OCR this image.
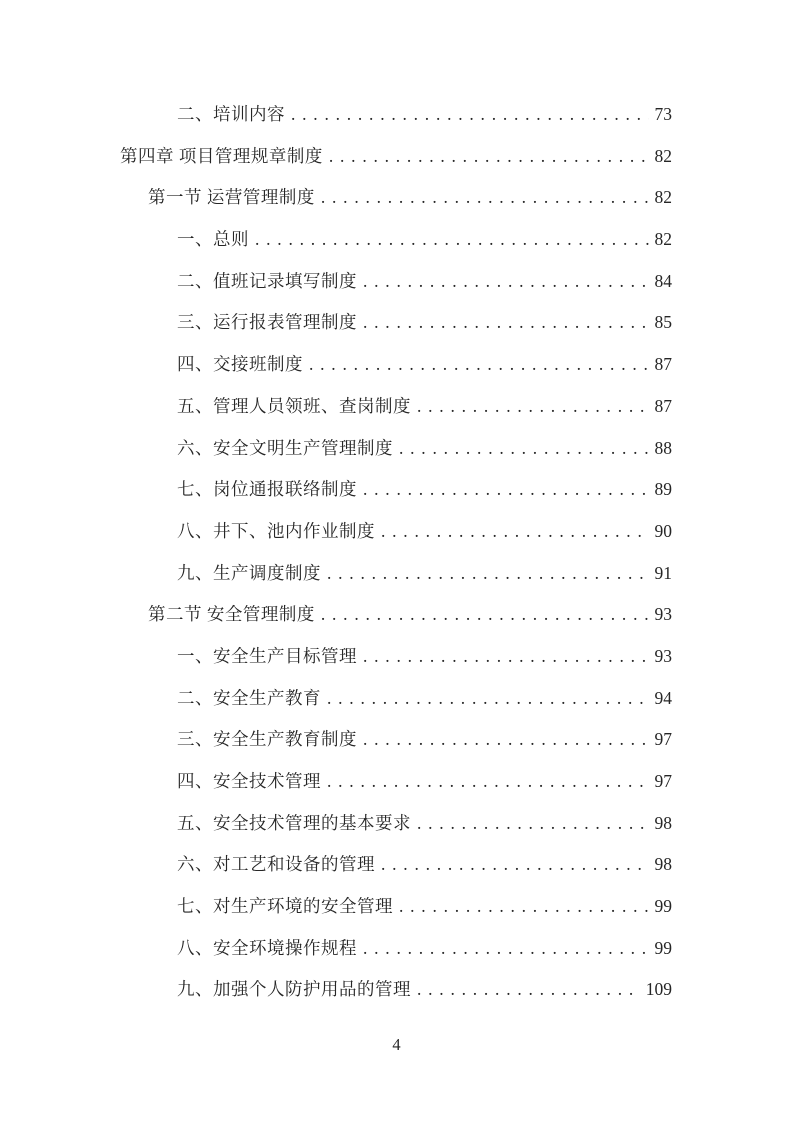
二、培训内容 . . .	73
第四章 项目管理规章制度 . . .	82
第一节 运营管理制度 . . .	82
一、总则 . . .	82
二、值班记录填写制度 . . .	84
三、运行报表管理制度 . . .	85
四、交接班制度 . . .	87
五、管理人员领班、查岗制度 . . .	87
六、安全文明生产管理制度 . . .	88
七、岗位通报联络制度 . . .	89
八、井下、池内作业制度 . . .	90
九、生产调度制度 . . .	91
第二节 安全管理制度 . . .	93
一、安全生产目标管理 . . .	93
二、安全生产教育 . . .	94
三、安全生产教育制度 . . .	97
四、安全技术管理 . . .	97
五、安全技术管理的基本要求 . . .	98
六、对工艺和设备的管理 . . .	98
七、对生产环境的安全管理 . . .	99
八、安全环境操作规程 . . .	99
九、加强个人防护用品的管理 . . .	109
4
